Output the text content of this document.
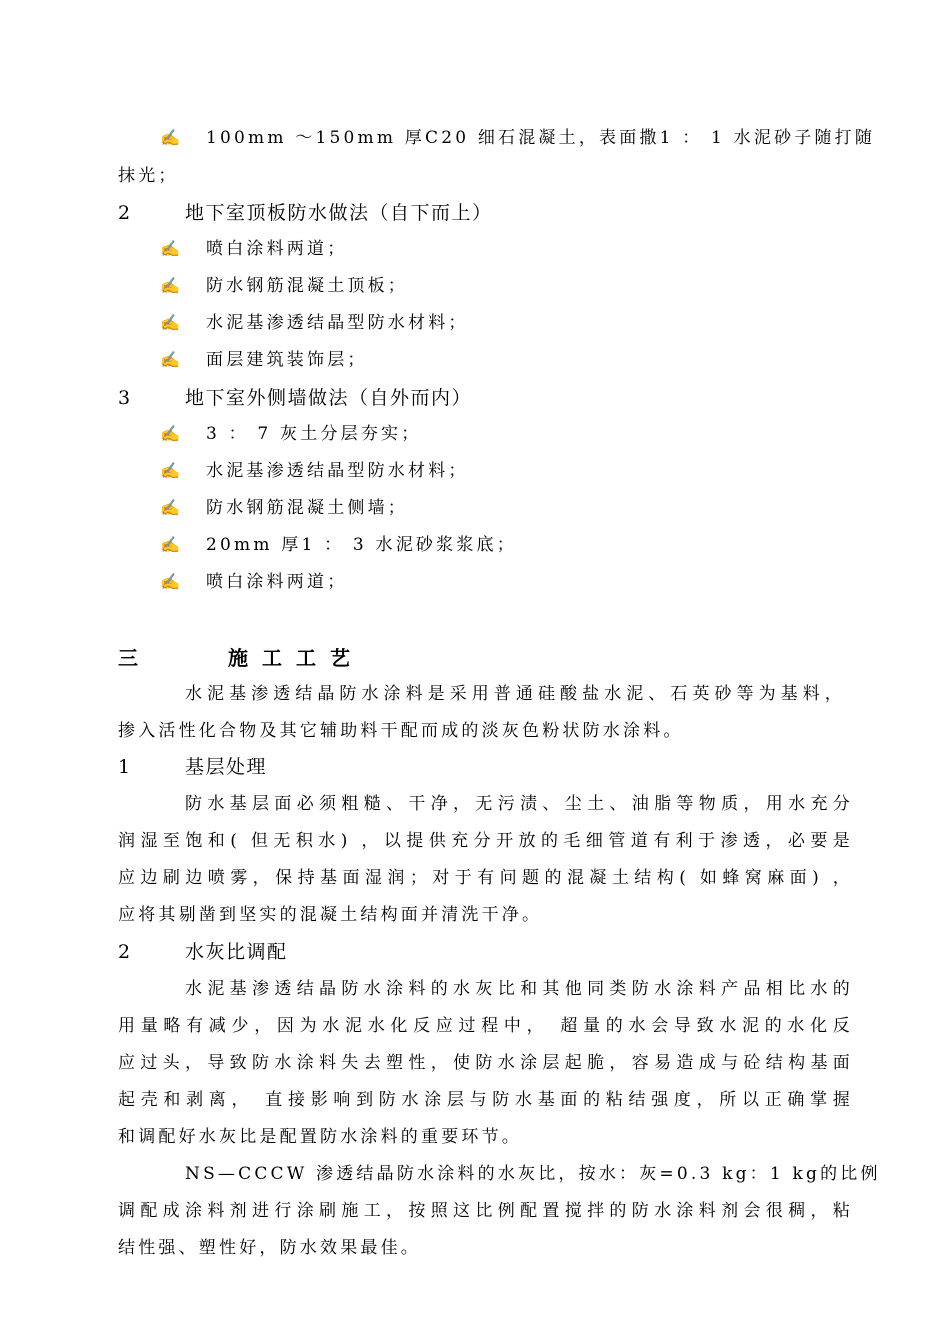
✍ 100mm ～150mm 厚C20 细石混凝土，表面撒1 ： 1 水泥砂子随打随
抹光；
2	地下室顶板防水做法（自下而上）
✍ 喷白涂料两道；
✍ 防水钢筋混凝土顶板；
✍ 水泥基渗透结晶型防水材料；
✍ 面层建筑装饰层；
3	地下室外侧墙做法（自外而内）
✍ 3 ： 7 灰土分层夯实；
✍ 水泥基渗透结晶型防水材料；
✍ 防水钢筋混凝土侧墙；
✍ 20mm 厚1 ： 3 水泥砂浆浆底；
✍ 喷白涂料两道；
三	施工工艺
水泥基渗透结晶防水涂料是采用普通硅酸盐水泥、石英砂等为基料，
掺入活性化合物及其它辅助料干配而成的淡灰色粉状防水涂料。
1	基层处理
防水基层面必须粗糙、干净，无污渍、尘土、油脂等物质，用水充分
润湿至饱和( 但无积水) ，以提供充分开放的毛细管道有利于渗透，必要是
应边刷边喷雾，保持基面湿润；对于有问题的混凝土结构( 如蜂窝麻面) ，
应将其剔凿到坚实的混凝土结构面并清洗干净。
2	水灰比调配
水泥基渗透结晶防水涂料的水灰比和其他同类防水涂料产品相比水的
用量略有减少，因为水泥水化反应过程中， 超量的水会导致水泥的水化反
应过头，导致防水涂料失去塑性，使防水涂层起脆，容易造成与砼结构基面
起壳和剥离， 直接影响到防水涂层与防水基面的粘结强度，所以正确掌握
和调配好水灰比是配置防水涂料的重要环节。
NS—CCCW 渗透结晶防水涂料的水灰比，按水：灰=0.3 kg：1 kg的比例
调配成涂料剂进行涂刷施工，按照这比例配置搅拌的防水涂料剂会很稠，粘
结性强、塑性好，防水效果最佳。
